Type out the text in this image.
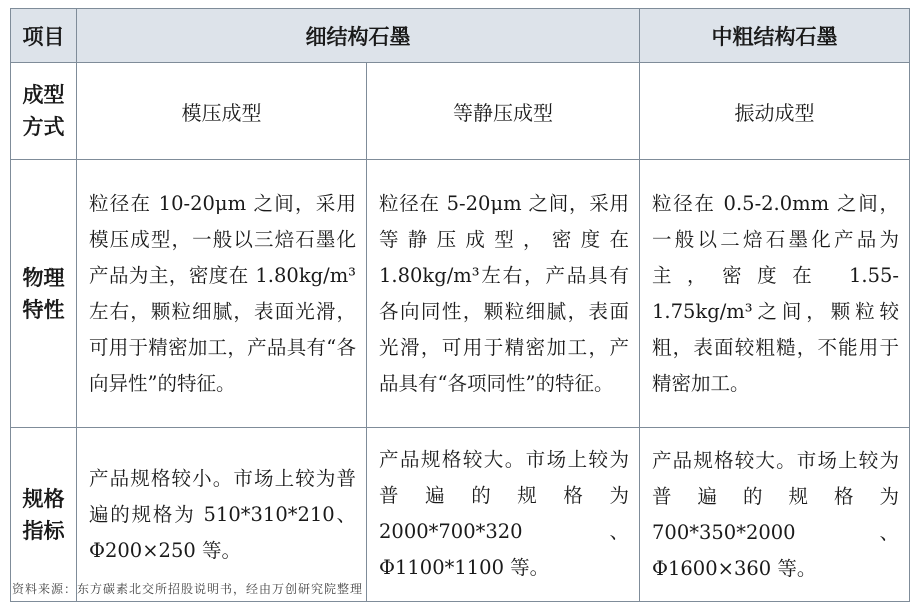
项目	细结构石墨		中粗结构石墨

成型
方式	模压成型	等静压成型	振动成型

物理
特性	粒径在 10-20μm 之间，采用模压成型，一般以三焙石墨化产品为主，密度在 1.80kg/m³左右，颗粒细腻，表面光滑，可用于精密加工，产品具有“各向异性”的特征。	粒径在 5-20μm 之间，采用等静压成型，密度在 1.80kg/m³左右，产品具有各向同性，颗粒细腻，表面光滑，可用于精密加工，产品具有“各项同性”的特征。	粒径在 0.5-2.0mm 之间，一般以二焙石墨化产品为主，密度在 1.55-1.75kg/m³之间，颗粒较粗，表面较粗糙，不能用于精密加工。

规格
指标	产品规格较小。市场上较为普遍的规格为 510*310*210、Φ200×250 等。	产品规格较大。市场上较为普遍的规格为 2000*700*320、Φ1100*1100 等。	产品规格较大。市场上较为普遍的规格为 700*350*2000、Φ1600×360 等。
资料来源：东方碳素北交所招股说明书，经由万创研究院整理
